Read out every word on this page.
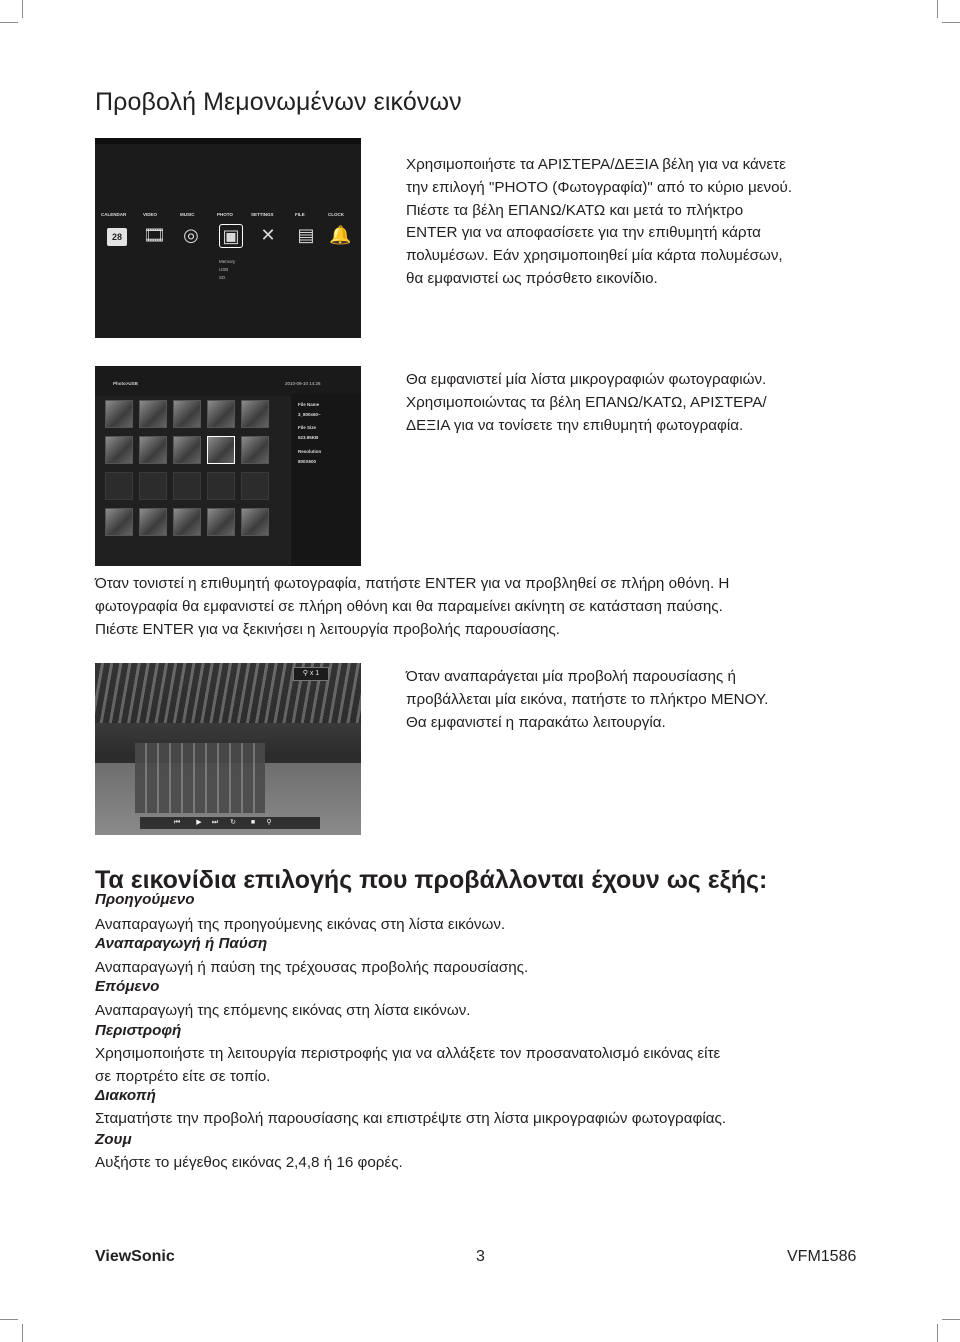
Προβολή Μεμονωμένων εικόνων
CALENDAR	VIDEO	MUSIC	PHOTO	SETTINGS	FILE	CLOCK
28 🎞 ◎ ▣ ✕ ▤ 🔔
Memory
USB
SD
Χρησιμοποιήστε τα ΑΡΙΣΤΕΡΑ/ΔΕΞΙΑ βέλη για να κάνετε
την επιλογή "PHOTO (Φωτογραφία)" από το κύριο μενού.
Πιέστε τα βέλη ΕΠΑΝΩ/ΚΑΤΩ και μετά το πλήκτρο
ENTER για να αποφασίσετε για την επιθυμητή κάρτα
πολυμέσων. Εάν χρησιμοποιηθεί μία κάρτα πολυμέσων,
θα εμφανιστεί ως πρόσθετο εικονίδιο.
Photo>USB	2010-09-10 14:26
File Name
3_800x60~
File Size
523.95KB
Resolution
800X600
Θα εμφανιστεί μία λίστα μικρογραφιών φωτογραφιών.
Χρησιμοποιώντας τα βέλη ΕΠΑΝΩ/ΚΑΤΩ, ΑΡΙΣΤΕΡΑ/
ΔΕΞΙΑ για να τονίσετε την επιθυμητή φωτογραφία.
Όταν τονιστεί η επιθυμητή φωτογραφία, πατήστε ENTER για να προβληθεί σε πλήρη οθόνη. Η
φωτογραφία θα εμφανιστεί σε πλήρη οθόνη και θα παραμείνει ακίνητη σε κατάσταση παύσης.
Πιέστε ENTER για να ξεκινήσει η λειτουργία προβολής παρουσίασης.
⚲ x 1
⏮	▶	⏭	↻	■	⚲
Όταν αναπαράγεται μία προβολή παρουσίασης ή
προβάλλεται μία εικόνα, πατήστε το πλήκτρο ΜΕΝΟΥ.
Θα εμφανιστεί η παρακάτω λειτουργία.
Τα εικονίδια επιλογής που προβάλλονται έχουν ως εξής:
Προηγούμενο
Αναπαραγωγή της προηγούμενης εικόνας στη λίστα εικόνων.
Αναπαραγωγή ή Παύση
Αναπαραγωγή ή παύση της τρέχουσας προβολής παρουσίασης.
Επόμενο
Αναπαραγωγή της επόμενης εικόνας στη λίστα εικόνων.
Περιστροφή
Χρησιμοποιήστε τη λειτουργία περιστροφής για να αλλάξετε τον προσανατολισμό εικόνας είτε
σε πορτρέτο είτε σε τοπίο.
Διακοπή
Σταματήστε την προβολή παρουσίασης και επιστρέψτε στη λίστα μικρογραφιών φωτογραφίας.
Ζουμ
Αυξήστε το μέγεθος εικόνας 2,4,8 ή 16 φορές.
ViewSonic	3	VFM1586
